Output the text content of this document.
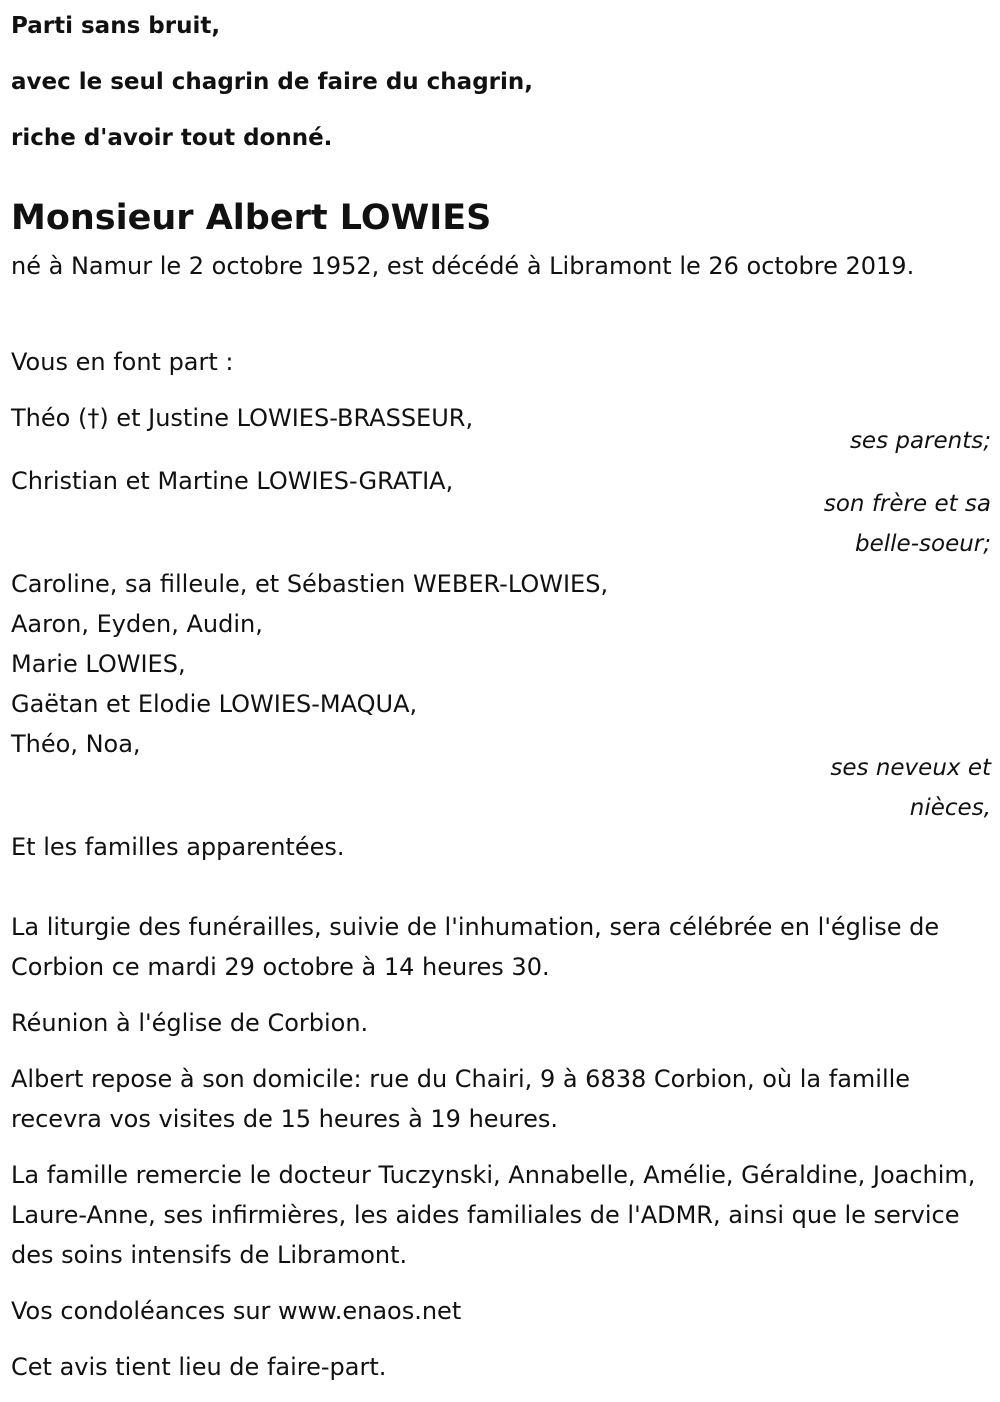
Parti sans bruit,
avec le seul chagrin de faire du chagrin,
riche d'avoir tout donné.
Monsieur Albert LOWIES

né à Namur le 2 octobre 1952, est décédé à Libramont le 26 octobre 2019.

Vous en font part :
Théo (†) et Justine LOWIES-BRASSEUR,
ses parents;
Christian et Martine LOWIES-GRATIA,
son frère et sa
belle-soeur;
Caroline, sa filleule, et Sébastien WEBER-LOWIES,
Aaron, Eyden, Audin,
Marie LOWIES,
Gaëtan et Elodie LOWIES-MAQUA,
Théo, Noa,
ses neveux et
nièces,
Et les familles apparentées.

La liturgie des funérailles, suivie de l'inhumation, sera célébrée en l'église de Corbion ce mardi 29 octobre à 14 heures 30.

Réunion à l'église de Corbion.

Albert repose à son domicile: rue du Chairi, 9 à 6838 Corbion, où la famille recevra vos visites de 15 heures à 19 heures.

La famille remercie le docteur Tuczynski, Annabelle, Amélie, Géraldine, Joachim, Laure-Anne, ses infirmières, les aides familiales de l'ADMR, ainsi que le service des soins intensifs de Libramont.

Vos condoléances sur www.enaos.net
Cet avis tient lieu de faire-part.
